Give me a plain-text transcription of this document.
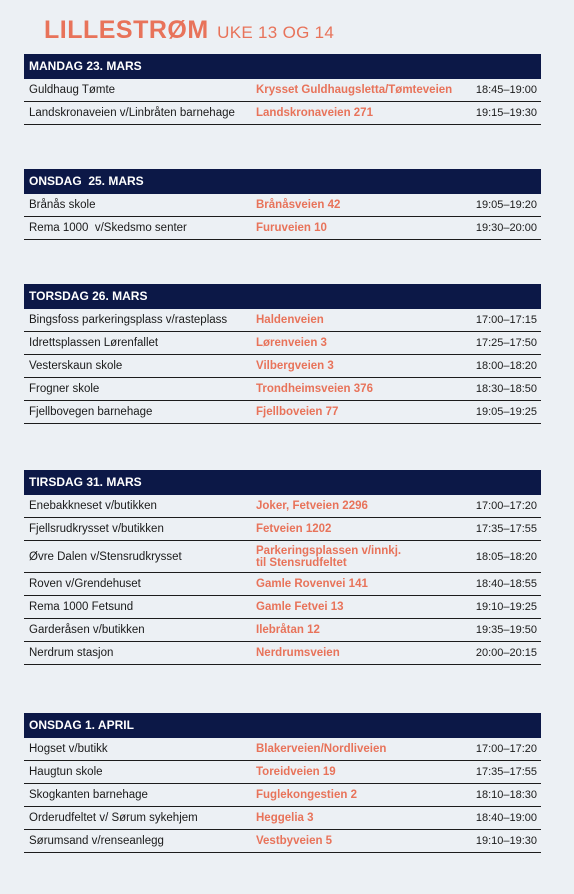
LILLESTRØM UKE 13 OG 14
MANDAG 23. MARS
Guldhaug Tømte	Krysset Guldhaugsletta/Tømteveien	18:45–19:00
Landskronaveien v/Linbråten barnehage	Landskronaveien 271	19:15–19:30
ONSDAG  25. MARS
Brånås skole	Brånåsveien 42	19:05–19:20
Rema 1000  v/Skedsmo senter	Furuveien 10	19:30–20:00
TORSDAG 26. MARS
Bingsfoss parkeringsplass v/rasteplass	Haldenveien	17:00–17:15
Idrettsplassen Lørenfallet	Lørenveien 3	17:25–17:50
Vesterskaun skole	Vilbergveien 3	18:00–18:20
Frogner skole	Trondheimsveien 376	18:30–18:50
Fjellbovegen barnehage	Fjellboveien 77	19:05–19:25
TIRSDAG 31. MARS
Enebakkneset v/butikken	Joker, Fetveien 2296	17:00–17:20
Fjellsrudkrysset v/butikken	Fetveien 1202	17:35–17:55
Øvre Dalen v/Stensrudkrysset	Parkeringsplassen v/innkj.
til Stensrudfeltet	18:05–18:20
Roven v/Grendehuset	Gamle Rovenvei 141	18:40–18:55
Rema 1000 Fetsund	Gamle Fetvei 13	19:10–19:25
Garderåsen v/butikken	Ilebråtan 12	19:35–19:50
Nerdrum stasjon	Nerdrumsveien	20:00–20:15
ONSDAG 1. APRIL
Hogset v/butikk	Blakerveien/Nordliveien	17:00–17:20
Haugtun skole	Toreidveien 19	17:35–17:55
Skogkanten barnehage	Fuglekongestien 2	18:10–18:30
Orderudfeltet v/ Sørum sykehjem	Heggelia 3	18:40–19:00
Sørumsand v/renseanlegg	Vestbyveien 5	19:10–19:30
